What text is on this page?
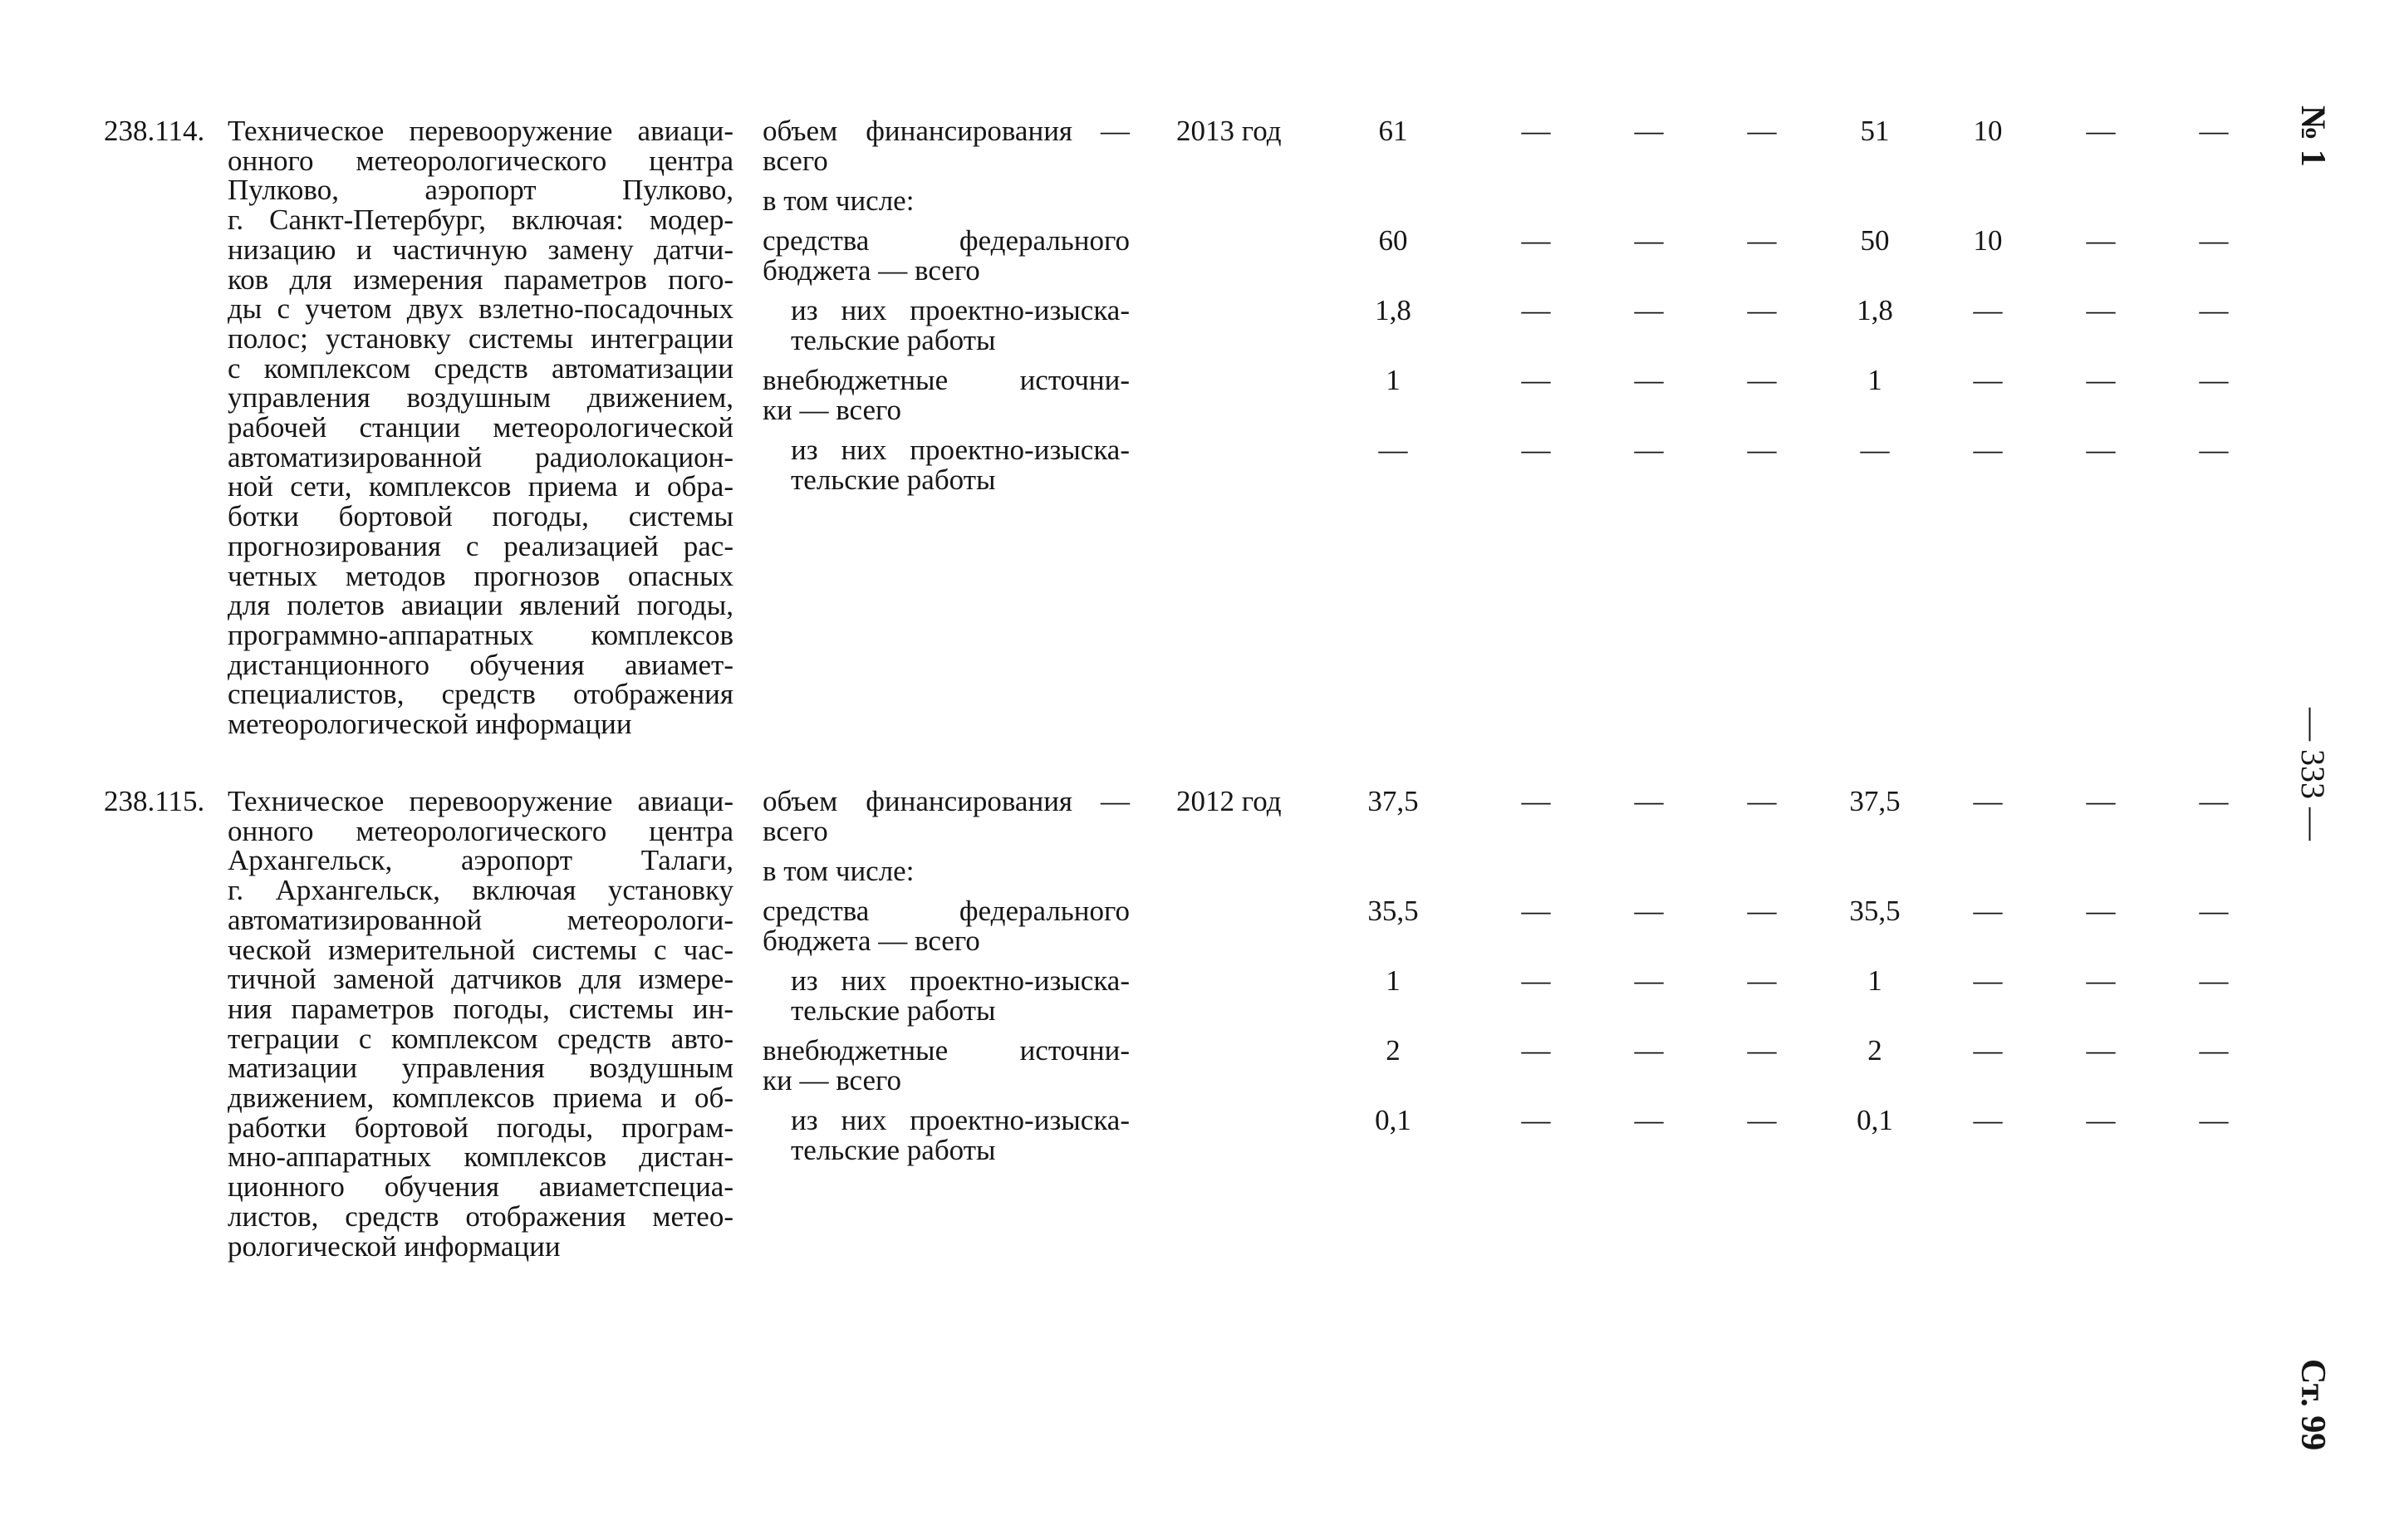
238.114. Техническое перевооружение авиаци-
онного метеорологического центра
Пулково, аэропорт Пулково,
г. Санкт-Петербург, включая: модер-
низацию и частичную замену датчи-
ков для измерения параметров пого-
ды с учетом двух взлетно-посадочных
полос; установку системы интеграции
с комплексом средств автоматизации
управления воздушным движением,
рабочей станции метеорологической
автоматизированной радиолокацион-
ной сети, комплексов приема и обра-
ботки бортовой погоды, системы
прогнозирования с реализацией рас-
четных методов прогнозов опасных
для полетов авиации явлений погоды,
программно-аппаратных комплексов
дистанционного обучения авиамет-
специалистов, средств отображения
метеорологической информации
объем финансирования —
всего
2013 год	61	—	—	—	51	10	—	—
в том числе:
средства федерального
бюджета — всего
60	—	—	—	50	10	—	—
из них проектно-изыска-
тельские работы
1,8	—	—	—	1,8	—	—	—
внебюджетные источни-
ки — всего
1	—	—	—	1	—	—	—
из них проектно-изыска-
тельские работы
—	—	—	—	—	—	—	—
238.115. Техническое перевооружение авиаци-
онного метеорологического центра
Архангельск, аэропорт Талаги,
г. Архангельск, включая установку
автоматизированной метеорологи-
ческой измерительной системы с час-
тичной заменой датчиков для измере-
ния параметров погоды, системы ин-
теграции с комплексом средств авто-
матизации управления воздушным
движением, комплексов приема и об-
работки бортовой погоды, програм-
мно-аппаратных комплексов дистан-
ционного обучения авиаметспециа-
листов, средств отображения метео-
рологической информации
объем финансирования —
всего
2012 год	37,5	—	—	—	37,5	—	—	—
в том числе:
средства федерального
бюджета — всего
35,5	—	—	—	35,5	—	—	—
из них проектно-изыска-
тельские работы
1	—	—	—	1	—	—	—
внебюджетные источни-
ки — всего
2	—	—	—	2	—	—	—
из них проектно-изыска-
тельские работы
0,1	—	—	—	0,1	—	—	—
№ 1
— 333 —
Ст. 99
